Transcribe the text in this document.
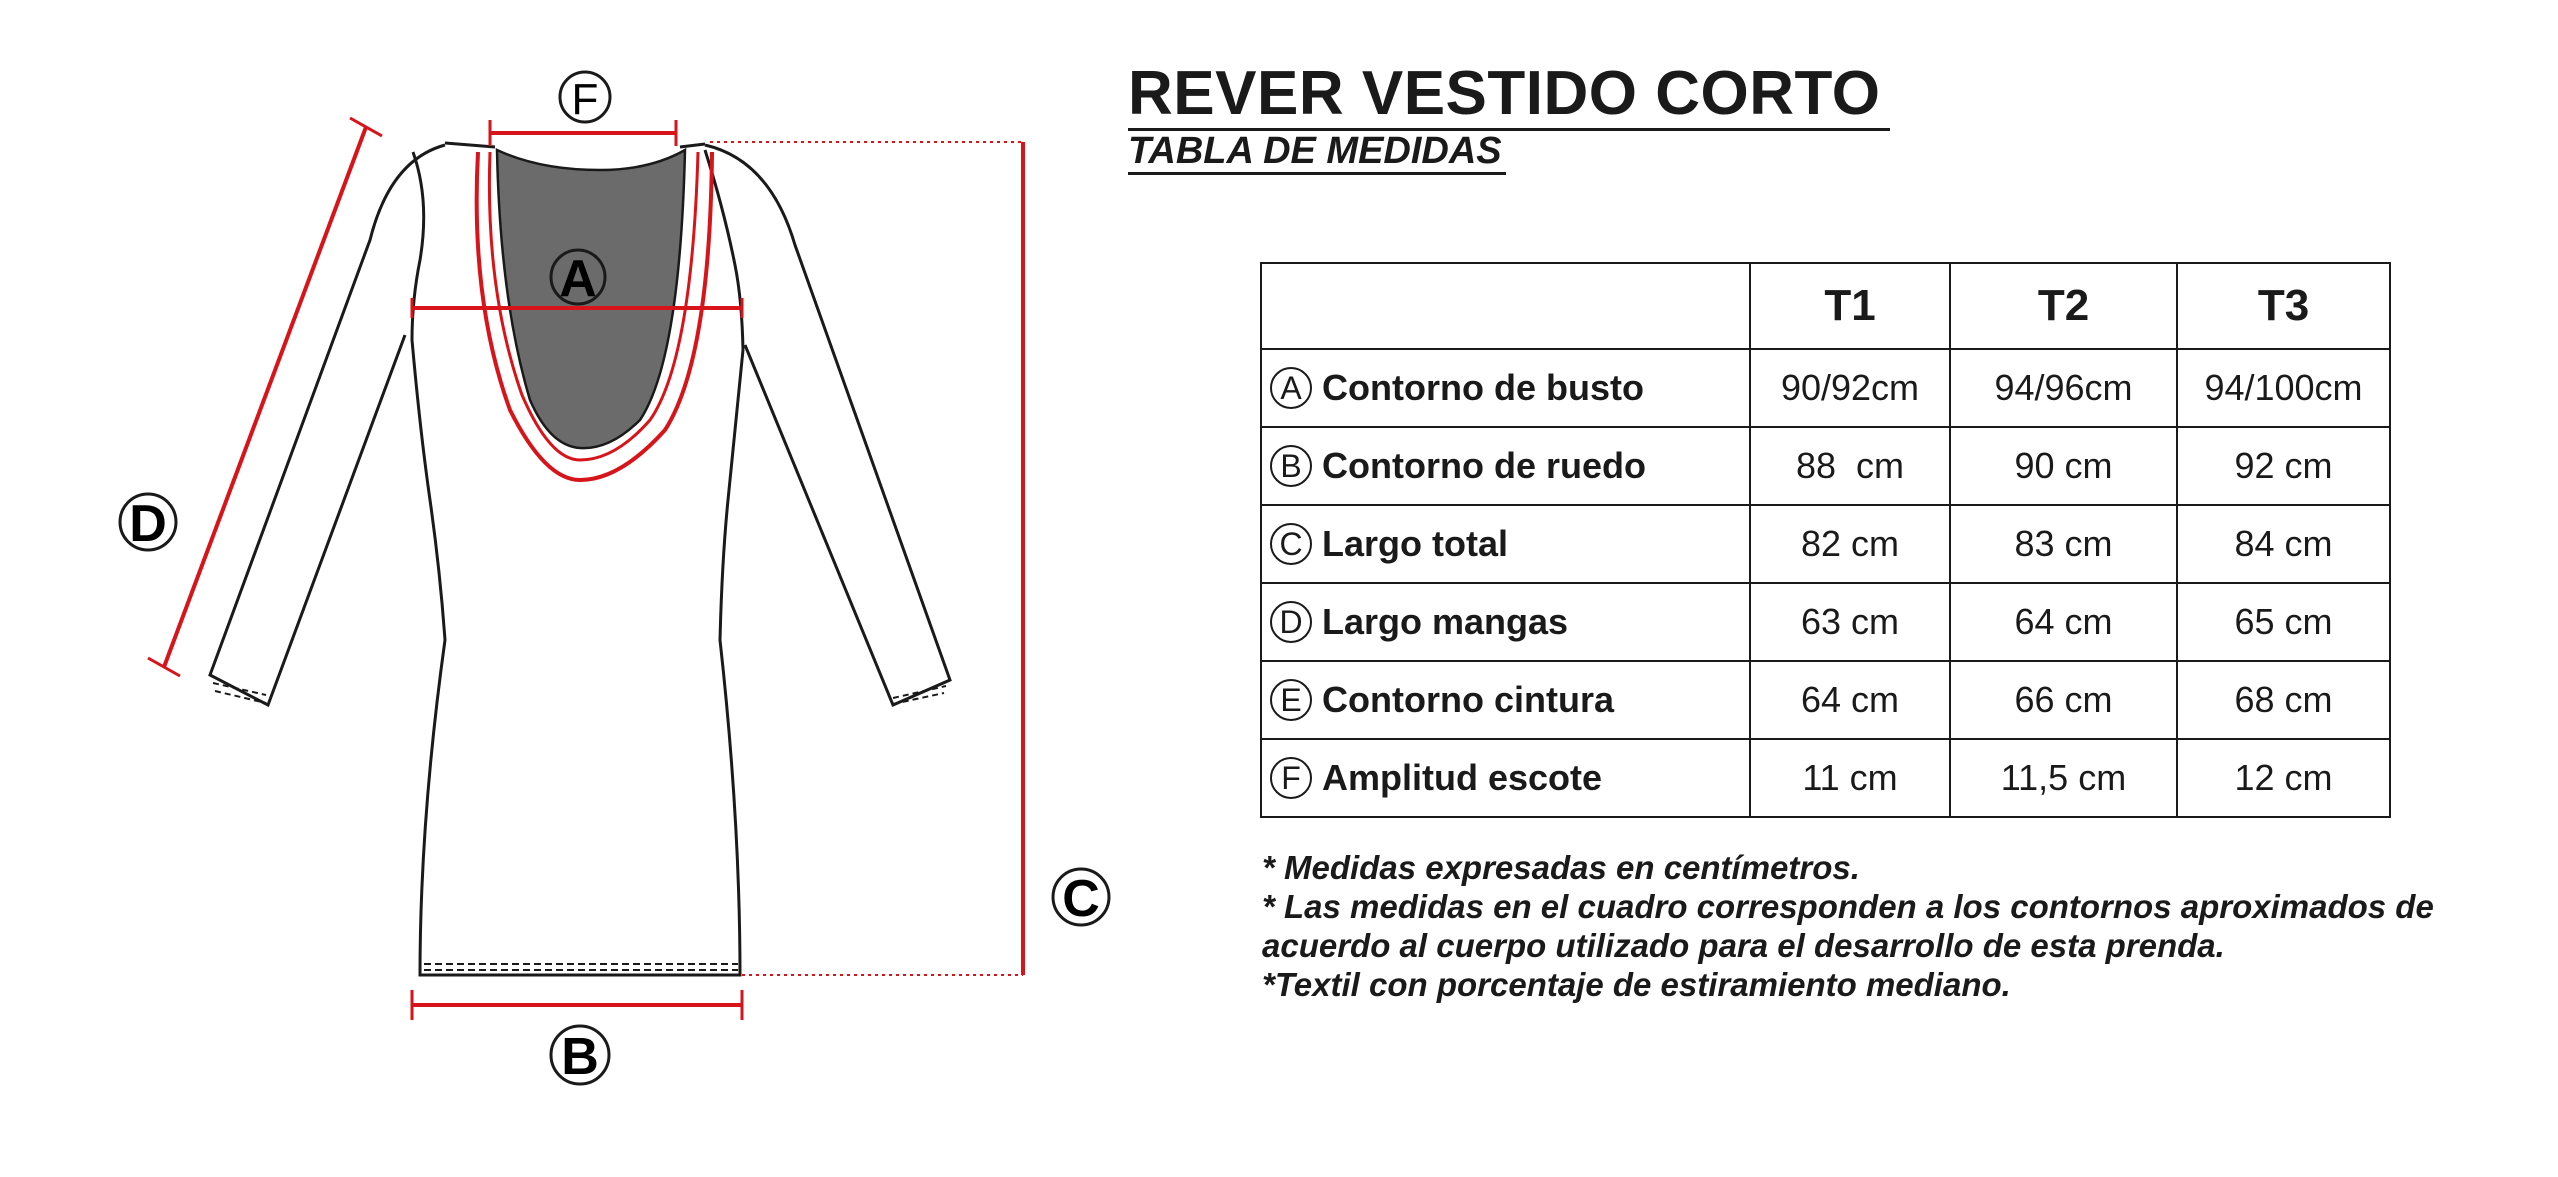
A
F
D
C
B
REVER VESTIDO CORTO
TABLA DE MEDIDAS
	T1	T2	T3

A Contorno de busto	90/92cm	94/96cm	94/100cm

B Contorno de ruedo	88  cm	90 cm	92 cm

C Largo total	82 cm	83 cm	84 cm

D Largo mangas	63 cm	64 cm	65 cm

E Contorno cintura	64 cm	66 cm	68 cm

F Amplitud escote	11 cm	11,5 cm	12 cm

* Medidas expresadas en centímetros.

* Las medidas en el cuadro corresponden a los contornos aproximados de acuerdo al cuerpo utilizado para el desarrollo de esta prenda.

*Textil con porcentaje de estiramiento mediano.
